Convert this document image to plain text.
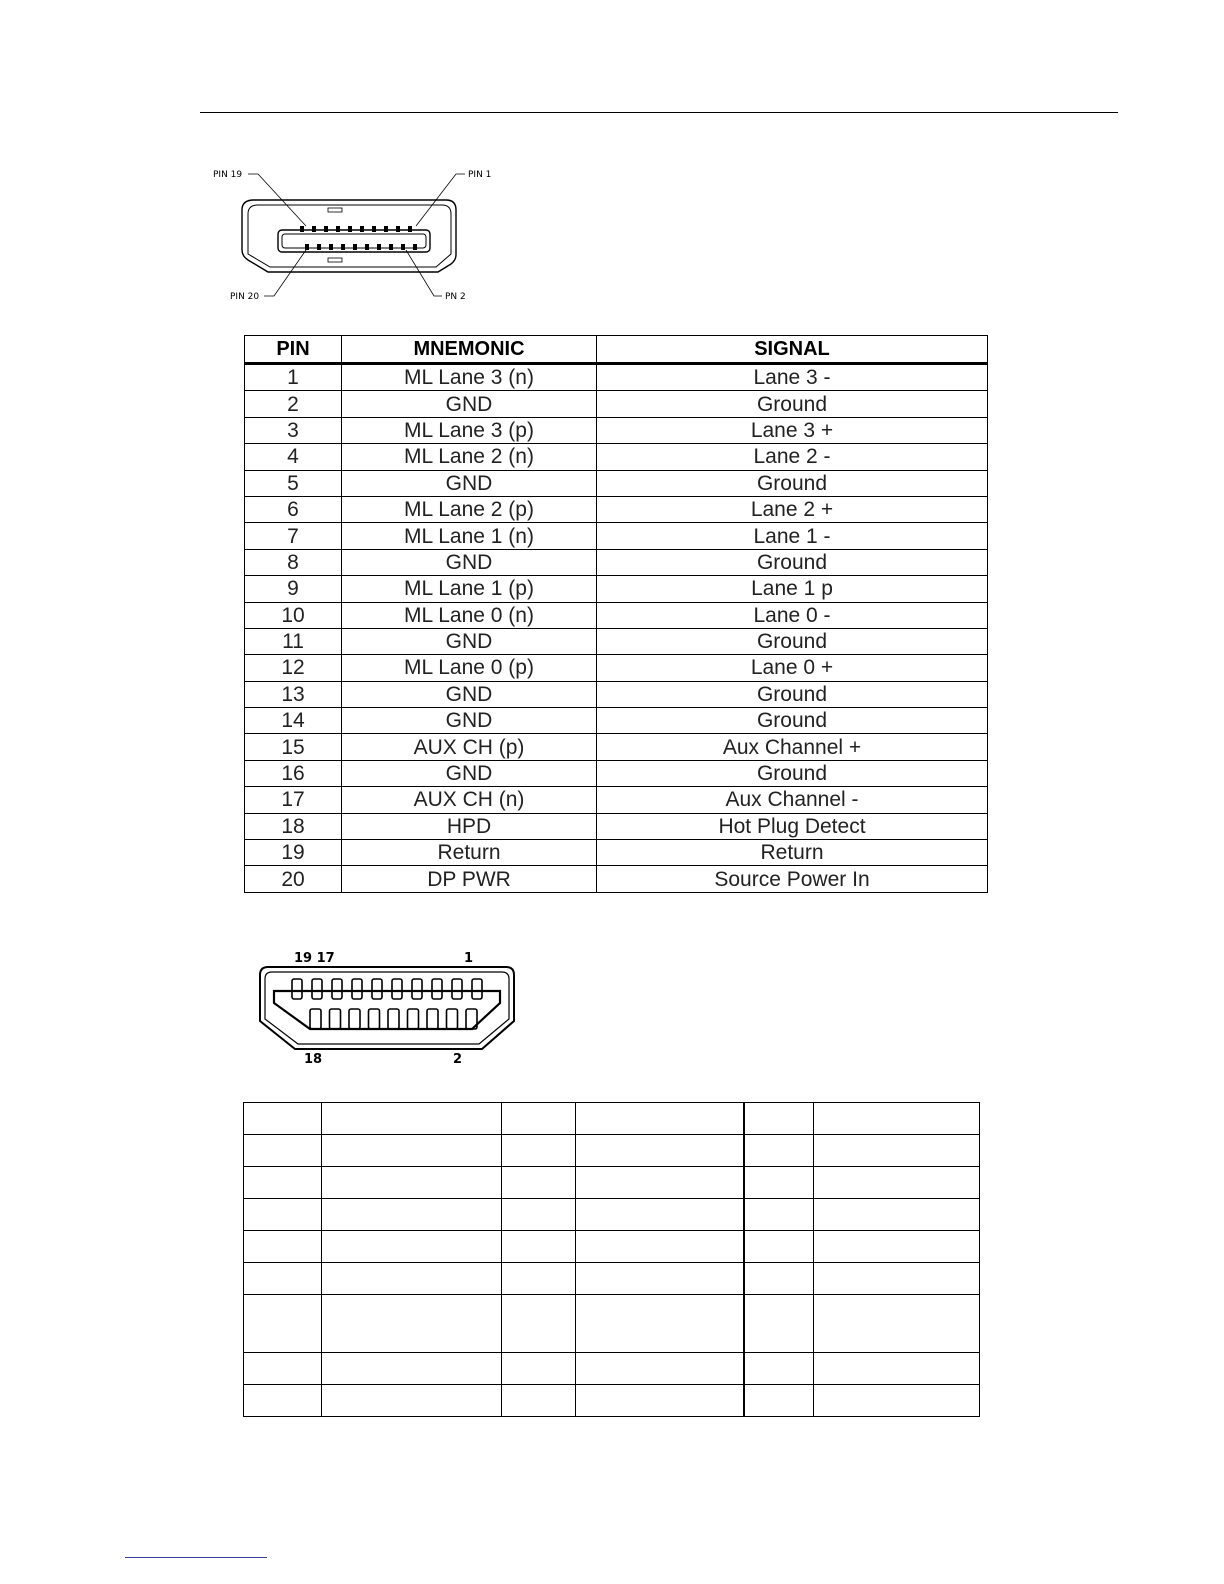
PIN 19	PIN 1
PIN 20	PN 2
PIN	MNEMONIC	SIGNAL
1	ML Lane 3 (n)	Lane 3 -
2	GND	Ground
3	ML Lane 3 (p)	Lane 3 +
4	ML Lane 2 (n)	Lane 2 -
5	GND	Ground
6	ML Lane 2 (p)	Lane 2 +
7	ML Lane 1 (n)	Lane 1 -
8	GND	Ground
9	ML Lane 1 (p)	Lane 1 p
10	ML Lane 0 (n)	Lane 0 -
11	GND	Ground
12	ML Lane 0 (p)	Lane 0 +
13	GND	Ground
14	GND	Ground
15	AUX CH (p)	Aux Channel +
16	GND	Ground
17	AUX CH (n)	Aux Channel -
18	HPD	Hot Plug Detect
19	Return	Return
20	DP PWR	Source Power In
19 17	1
18	2
